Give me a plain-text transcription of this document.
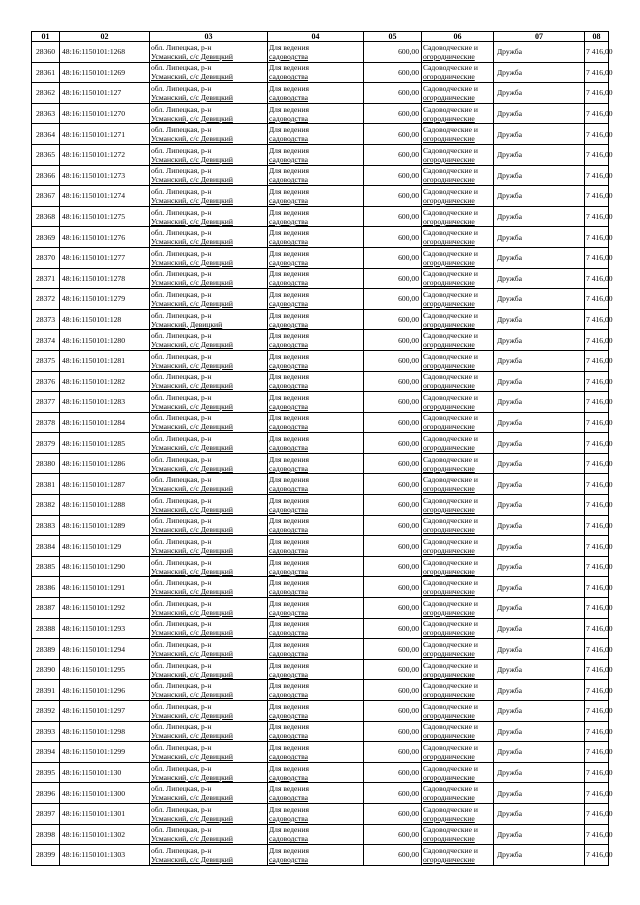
01	02	03	04	05	06	07	08
28360	48:16:1150101:1268	обл. Липецкая, р-н
Усманский, с/с Девицкий	Для ведения
садоводства	600,00	Садоводческие и
огороднические	Дружба	7 416,00
28361	48:16:1150101:1269	обл. Липецкая, р-н
Усманский, с/с Девицкий	Для ведения
садоводства	600,00	Садоводческие и
огороднические	Дружба	7 416,00
28362	48:16:1150101:127	обл. Липецкая, р-н
Усманский, с/с Девицкий	Для ведения
садоводства	600,00	Садоводческие и
огороднические	Дружба	7 416,00
28363	48:16:1150101:1270	обл. Липецкая, р-н
Усманский, с/с Девицкий	Для ведения
садоводства	600,00	Садоводческие и
огороднические	Дружба	7 416,00
28364	48:16:1150101:1271	обл. Липецкая, р-н
Усманский, с/с Девицкий	Для ведения
садоводства	600,00	Садоводческие и
огороднические	Дружба	7 416,00
28365	48:16:1150101:1272	обл. Липецкая, р-н
Усманский, с/с Девицкий	Для ведения
садоводства	600,00	Садоводческие и
огороднические	Дружба	7 416,00
28366	48:16:1150101:1273	обл. Липецкая, р-н
Усманский, с/с Девицкий	Для ведения
садоводства	600,00	Садоводческие и
огороднические	Дружба	7 416,00
28367	48:16:1150101:1274	обл. Липецкая, р-н
Усманский, с/с Девицкий	Для ведения
садоводства	600,00	Садоводческие и
огороднические	Дружба	7 416,00
28368	48:16:1150101:1275	обл. Липецкая, р-н
Усманский, с/с Девицкий	Для ведения
садоводства	600,00	Садоводческие и
огороднические	Дружба	7 416,00
28369	48:16:1150101:1276	обл. Липецкая, р-н
Усманский, с/с Девицкий	Для ведения
садоводства	600,00	Садоводческие и
огороднические	Дружба	7 416,00
28370	48:16:1150101:1277	обл. Липецкая, р-н
Усманский, с/с Девицкий	Для ведения
садоводства	600,00	Садоводческие и
огороднические	Дружба	7 416,00
28371	48:16:1150101:1278	обл. Липецкая, р-н
Усманский, с/с Девицкий	Для ведения
садоводства	600,00	Садоводческие и
огороднические	Дружба	7 416,00
28372	48:16:1150101:1279	обл. Липецкая, р-н
Усманский, с/с Девицкий	Для ведения
садоводства	600,00	Садоводческие и
огороднические	Дружба	7 416,00
28373	48:16:1150101:128	обл. Липецкая, р-н
Усманский, Девицкий	Для ведения
садоводства	600,00	Садоводческие и
огороднические	Дружба	7 416,00
28374	48:16:1150101:1280	обл. Липецкая, р-н
Усманский, с/с Девицкий	Для ведения
садоводства	600,00	Садоводческие и
огороднические	Дружба	7 416,00
28375	48:16:1150101:1281	обл. Липецкая, р-н
Усманский, с/с Девицкий	Для ведения
садоводства	600,00	Садоводческие и
огороднические	Дружба	7 416,00
28376	48:16:1150101:1282	обл. Липецкая, р-н
Усманский, с/с Девицкий	Для ведения
садоводства	600,00	Садоводческие и
огороднические	Дружба	7 416,00
28377	48:16:1150101:1283	обл. Липецкая, р-н
Усманский, с/с Девицкий	Для ведения
садоводства	600,00	Садоводческие и
огороднические	Дружба	7 416,00
28378	48:16:1150101:1284	обл. Липецкая, р-н
Усманский, с/с Девицкий	Для ведения
садоводства	600,00	Садоводческие и
огороднические	Дружба	7 416,00
28379	48:16:1150101:1285	обл. Липецкая, р-н
Усманский, с/с Девицкий	Для ведения
садоводства	600,00	Садоводческие и
огороднические	Дружба	7 416,00
28380	48:16:1150101:1286	обл. Липецкая, р-н
Усманский, с/с Девицкий	Для ведения
садоводства	600,00	Садоводческие и
огороднические	Дружба	7 416,00
28381	48:16:1150101:1287	обл. Липецкая, р-н
Усманский, с/с Девицкий	Для ведения
садоводства	600,00	Садоводческие и
огороднические	Дружба	7 416,00
28382	48:16:1150101:1288	обл. Липецкая, р-н
Усманский, с/с Девицкий	Для ведения
садоводства	600,00	Садоводческие и
огороднические	Дружба	7 416,00
28383	48:16:1150101:1289	обл. Липецкая, р-н
Усманский, с/с Девицкий	Для ведения
садоводства	600,00	Садоводческие и
огороднические	Дружба	7 416,00
28384	48:16:1150101:129	обл. Липецкая, р-н
Усманский, с/с Девицкий	Для ведения
садоводства	600,00	Садоводческие и
огороднические	Дружба	7 416,00
28385	48:16:1150101:1290	обл. Липецкая, р-н
Усманский, с/с Девицкий	Для ведения
садоводства	600,00	Садоводческие и
огороднические	Дружба	7 416,00
28386	48:16:1150101:1291	обл. Липецкая, р-н
Усманский, с/с Девицкий	Для ведения
садоводства	600,00	Садоводческие и
огороднические	Дружба	7 416,00
28387	48:16:1150101:1292	обл. Липецкая, р-н
Усманский, с/с Девицкий	Для ведения
садоводства	600,00	Садоводческие и
огороднические	Дружба	7 416,00
28388	48:16:1150101:1293	обл. Липецкая, р-н
Усманский, с/с Девицкий	Для ведения
садоводства	600,00	Садоводческие и
огороднические	Дружба	7 416,00
28389	48:16:1150101:1294	обл. Липецкая, р-н
Усманский, с/с Девицкий	Для ведения
садоводства	600,00	Садоводческие и
огороднические	Дружба	7 416,00
28390	48:16:1150101:1295	обл. Липецкая, р-н
Усманский, с/с Девицкий	Для ведения
садоводства	600,00	Садоводческие и
огороднические	Дружба	7 416,00
28391	48:16:1150101:1296	обл. Липецкая, р-н
Усманский, с/с Девицкий	Для ведения
садоводства	600,00	Садоводческие и
огороднические	Дружба	7 416,00
28392	48:16:1150101:1297	обл. Липецкая, р-н
Усманский, с/с Девицкий	Для ведения
садоводства	600,00	Садоводческие и
огороднические	Дружба	7 416,00
28393	48:16:1150101:1298	обл. Липецкая, р-н
Усманский, с/с Девицкий	Для ведения
садоводства	600,00	Садоводческие и
огороднические	Дружба	7 416,00
28394	48:16:1150101:1299	обл. Липецкая, р-н
Усманский, с/с Девицкий	Для ведения
садоводства	600,00	Садоводческие и
огороднические	Дружба	7 416,00
28395	48:16:1150101:130	обл. Липецкая, р-н
Усманский, с/с Девицкий	Для ведения
садоводства	600,00	Садоводческие и
огороднические	Дружба	7 416,00
28396	48:16:1150101:1300	обл. Липецкая, р-н
Усманский, с/с Девицкий	Для ведения
садоводства	600,00	Садоводческие и
огороднические	Дружба	7 416,00
28397	48:16:1150101:1301	обл. Липецкая, р-н
Усманский, с/с Девицкий	Для ведения
садоводства	600,00	Садоводческие и
огороднические	Дружба	7 416,00
28398	48:16:1150101:1302	обл. Липецкая, р-н
Усманский, с/с Девицкий	Для ведения
садоводства	600,00	Садоводческие и
огороднические	Дружба	7 416,00
28399	48:16:1150101:1303	обл. Липецкая, р-н
Усманский, с/с Девицкий	Для ведения
садоводства	600,00	Садоводческие и
огороднические	Дружба	7 416,00
